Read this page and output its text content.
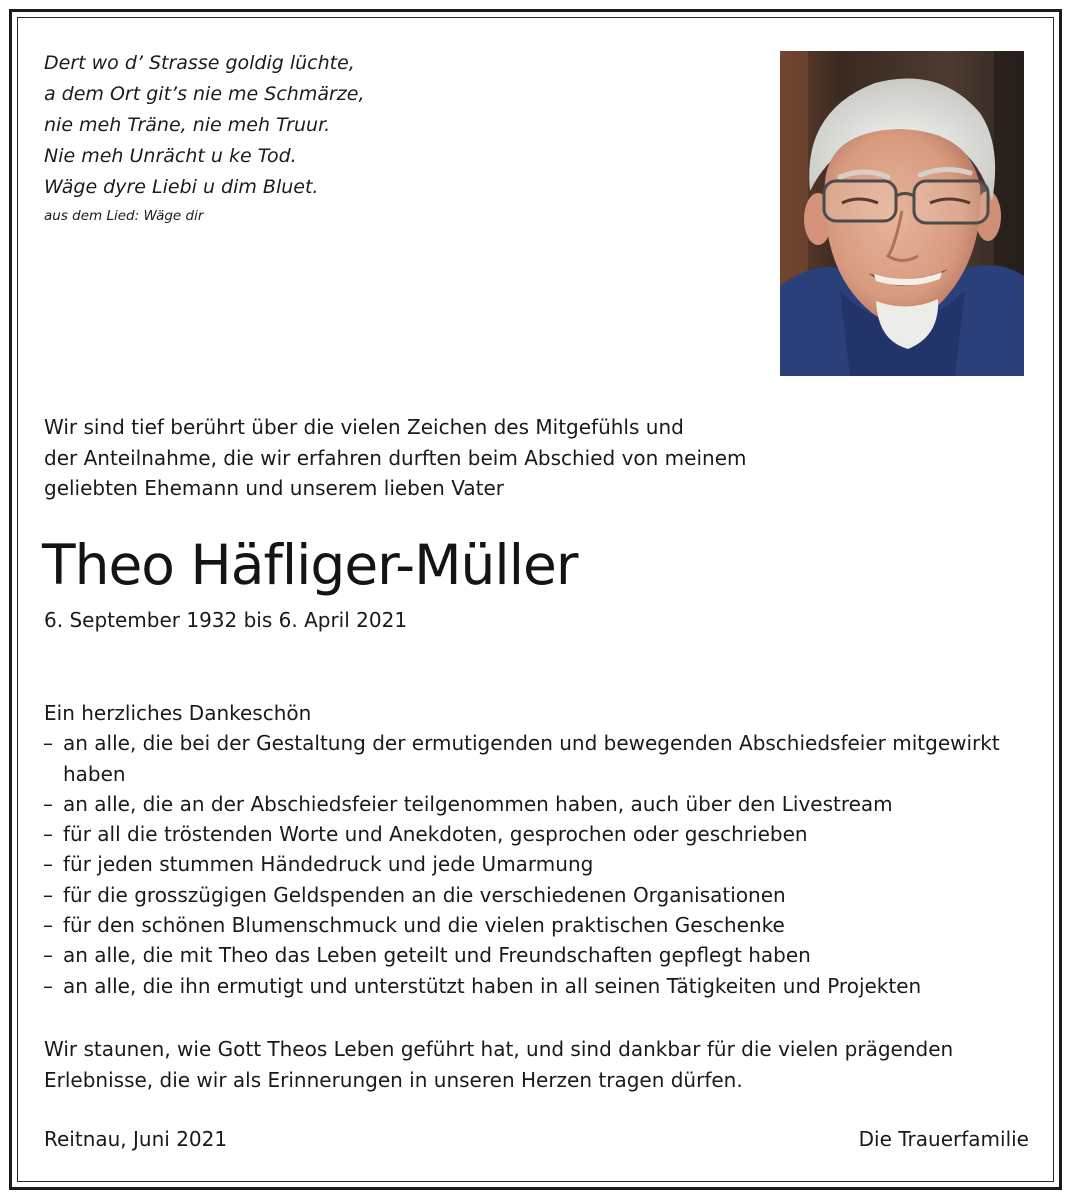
Dert wo d’ Strasse goldig lüchte,
a dem Ort git’s nie me Schmärze,
nie meh Träne, nie meh Truur.
Nie meh Unrächt u ke Tod.
Wäge dyre Liebi u dim Bluet.
aus dem Lied: Wäge dir
Wir sind tief berührt über die vielen Zeichen des Mitgefühls und
der Anteilnahme, die wir erfahren durften beim Abschied von meinem
geliebten Ehemann und unserem lieben Vater
Theo Häfliger-Müller
6. September 1932 bis 6. April 2021
Ein herzliches Dankeschön
– an alle, die bei der Gestaltung der ermutigenden und bewegenden Abschiedsfeier mitgewirkt haben
– an alle, die an der Abschiedsfeier teilgenommen haben, auch über den Livestream
– für all die tröstenden Worte und Anekdoten, gesprochen oder geschrieben
– für jeden stummen Händedruck und jede Umarmung
– für die grosszügigen Geldspenden an die verschiedenen Organisationen
– für den schönen Blumenschmuck und die vielen praktischen Geschenke
– an alle, die mit Theo das Leben geteilt und Freundschaften gepflegt haben
– an alle, die ihn ermutigt und unterstützt haben in all seinen Tätigkeiten und Projekten
Wir staunen, wie Gott Theos Leben geführt hat, und sind dankbar für die vielen prägenden
Erlebnisse, die wir als Erinnerungen in unseren Herzen tragen dürfen.
Reitnau, Juni 2021	Die Trauerfamilie
